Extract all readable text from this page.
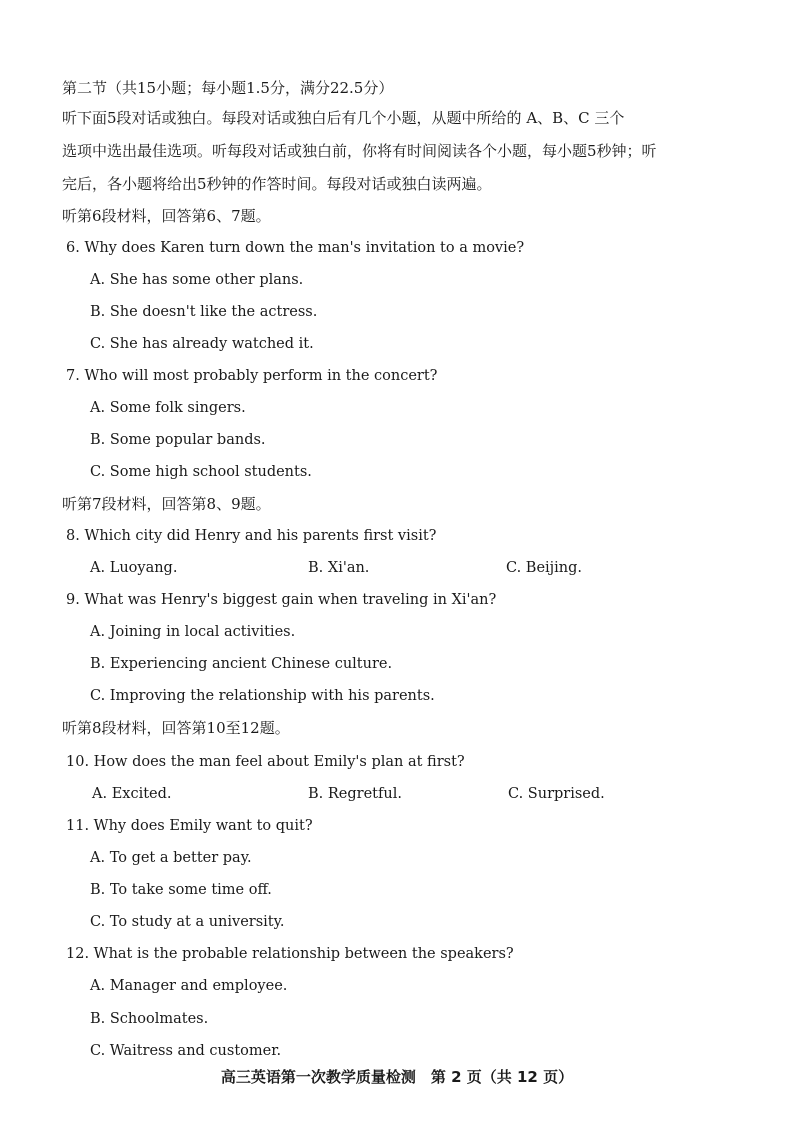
第二节（共15小题；每小题1.5分，满分22.5分）
听下面5段对话或独白。每段对话或独白后有几个小题，从题中所给的 A、B、C 三个
选项中选出最佳选项。听每段对话或独白前，你将有时间阅读各个小题，每小题5秒钟；听
完后，各小题将给出5秒钟的作答时间。每段对话或独白读两遍。
听第6段材料，回答第6、7题。
6. Why does Karen turn down the man's invitation to a movie?
A. She has some other plans.
B. She doesn't like the actress.
C. She has already watched it.
7. Who will most probably perform in the concert?
A. Some folk singers.
B. Some popular bands.
C. Some high school students.
听第7段材料，回答第8、9题。
8. Which city did Henry and his parents first visit?
A. Luoyang.	B. Xi'an.	C. Beijing.
9. What was Henry's biggest gain when traveling in Xi'an?
A. Joining in local activities.
B. Experiencing ancient Chinese culture.
C. Improving the relationship with his parents.
听第8段材料，回答第10至12题。
10. How does the man feel about Emily's plan at first?
A. Excited.	B. Regretful.	C. Surprised.
11. Why does Emily want to quit?
A. To get a better pay.
B. To take some time off.
C. To study at a university.
12. What is the probable relationship between the speakers?
A. Manager and employee.
B. Schoolmates.
C. Waitress and customer.
高三英语第一次教学质量检测　第 2 页（共 12 页）
